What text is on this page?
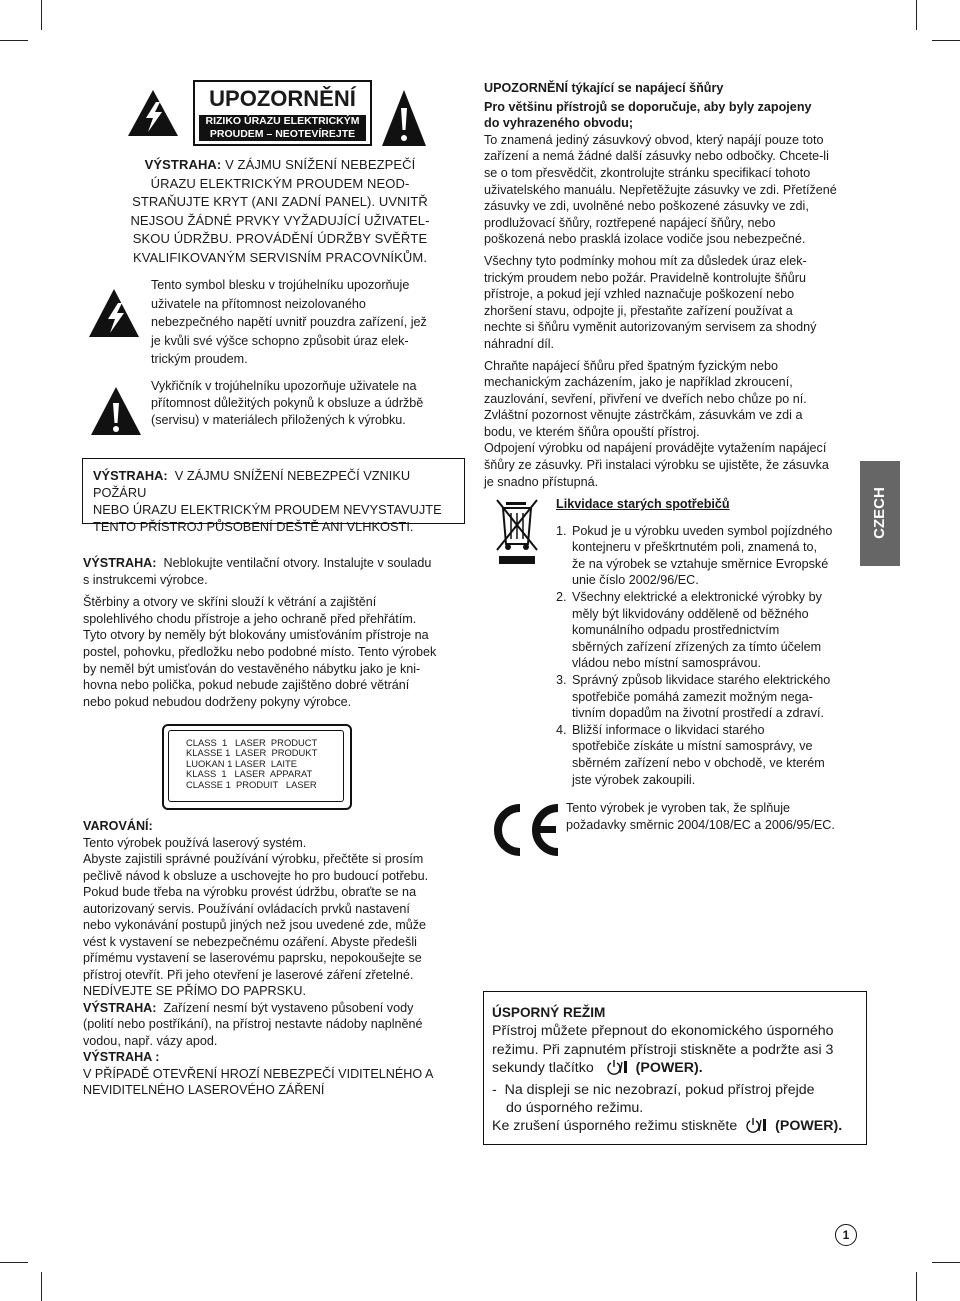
UPOZORNĚNÍ
RIZIKO ÚRAZU ELEKTRICKÝM
PROUDEM – NEOTEVÍREJTE
VÝSTRAHA: V ZÁJMU SNÍŽENÍ NEBEZPEČÍ
ÚRAZU ELEKTRICKÝM PROUDEM NEOD-
STRAŇUJTE KRYT (ANI ZADNÍ PANEL). UVNITŘ
NEJSOU ŽÁDNÉ PRVKY VYŽADUJÍCÍ UŽIVATEL-
SKOU ÚDRŽBU. PROVÁDĚNÍ ÚDRŽBY SVĚŘTE
KVALIFIKOVANÝM SERVISNÍM PRACOVNÍKŮM.
Tento symbol blesku v trojúhelníku upozorňuje
uživatele na přítomnost neizolovaného
nebezpečného napětí uvnitř pouzdra zařízení, jež
je kvůli své výšce schopno způsobit úraz elek-
trickým proudem.
Vykřičník v trojúhelníku upozorňuje uživatele na
přítomnost důležitých pokynů k obsluze a údržbě
(servisu) v materiálech přiložených k výrobku.
VÝSTRAHA: V ZÁJMU SNÍŽENÍ NEBEZPEČÍ VZNIKU POŽÁRU
NEBO ÚRAZU ELEKTRICKÝM PROUDEM NEVYSTAVUJTE
TENTO PŘÍSTROJ PŮSOBENÍ DEŠTĚ ANI VLHKOSTI.
VÝSTRAHA: Neblokujte ventilační otvory. Instalujte v souladu
s instrukcemi výrobce.
Štěrbiny a otvory ve skříni slouží k větrání a zajištění
spolehlivého chodu přístroje a jeho ochraně před přehřátím.
Tyto otvory by neměly být blokovány umisťováním přístroje na
postel, pohovku, předložku nebo podobné místo. Tento výrobek
by neměl být umisťován do vestavěného nábytku jako je kni-
hovna nebo polička, pokud nebude zajištěno dobré větrání
nebo pokud nebudou dodrženy pokyny výrobce.
CLASS  1   LASER  PRODUCT
KLASSE 1  LASER  PRODUKT
LUOKAN 1 LASER  LAITE
KLASS  1   LASER  APPARAT
CLASSE 1  PRODUIT   LASER
VAROVÁNÍ:
Tento výrobek používá laserový systém.
Abyste zajistili správné používání výrobku, přečtěte si prosím
pečlivě návod k obsluze a uschovejte ho pro budoucí potřebu.
Pokud bude třeba na výrobku provést údržbu, obraťte se na
autorizovaný servis. Používání ovládacích prvků nastavení
nebo vykonávání postupů jiných než jsou uvedené zde, může
vést k vystavení se nebezpečnému ozáření. Abyste předešli
přímému vystavení se laserovému paprsku, nepokoušejte se
přístroj otevřít. Při jeho otevření je laserové záření zřetelné.
NEDÍVEJTE SE PŘÍMO DO PAPRSKU.
VÝSTRAHA: Zařízení nesmí být vystaveno působení vody
(polití nebo postříkání), na přístroj nestavte nádoby naplněné
vodou, např. vázy apod.
VÝSTRAHA :
V PŘÍPADĚ OTEVŘENÍ HROZÍ NEBEZPEČÍ VIDITELNÉHO A
NEVIDITELNÉHO LASEROVÉHO ZÁŘENÍ
UPOZORNĚNÍ týkající se napájecí šňůry
Pro většinu přístrojů se doporučuje, aby byly zapojeny
do vyhrazeného obvodu;
To znamená jediný zásuvkový obvod, který napájí pouze toto
zařízení a nemá žádné další zásuvky nebo odbočky. Chcete-li
se o tom přesvědčit, zkontrolujte stránku specifikací tohoto
uživatelského manuálu. Nepřetěžujte zásuvky ve zdi. Přetížené
zásuvky ve zdi, uvolněné nebo poškozené zásuvky ve zdi,
prodlužovací šňůry, roztřepené napájecí šňůry, nebo
poškozená nebo prasklá izolace vodiče jsou nebezpečné.
Všechny tyto podmínky mohou mít za důsledek úraz elek-
trickým proudem nebo požár. Pravidelně kontrolujte šňůru
přístroje, a pokud její vzhled naznačuje poškození nebo
zhoršení stavu, odpojte ji, přestaňte zařízení používat a
nechte si šňůru vyměnit autorizovaným servisem za shodný
náhradní díl.
Chraňte napájecí šňůru před špatným fyzickým nebo
mechanickým zacházením, jako je například zkroucení,
zauzlování, sevření, přivření ve dveřích nebo chůze po ní.
Zvláštní pozornost věnujte zástrčkám, zásuvkám ve zdi a
bodu, ve kterém šňůra opouští přístroj.
Odpojení výrobku od napájení provádějte vytažením napájecí
šňůry ze zásuvky. Při instalaci výrobku se ujistěte, že zásuvka
je snadno přístupná.
CZECH
Likvidace starých spotřebičů
1. Pokud je u výrobku uveden symbol pojízdného
kontejneru v přeškrtnutém poli, znamená to,
že na výrobek se vztahuje směrnice Evropské
unie číslo 2002/96/EC.
2. Všechny elektrické a elektronické výrobky by
měly být likvidovány odděleně od běžného
komunálního odpadu prostřednictvím
sběrných zařízení zřízených za tímto účelem
vládou nebo místní samosprávou.
3. Správný způsob likvidace starého elektrického
spotřebiče pomáhá zamezit možným nega-
tivním dopadům na životní prostředí a zdraví.
4. Bližší informace o likvidaci starého
spotřebiče získáte u místní samosprávy, ve
sběrném zařízení nebo v obchodě, ve kterém
jste výrobek zakoupili.
Tento výrobek je vyroben tak, že splňuje
požadavky směrnic 2004/108/EC a 2006/95/EC.
ÚSPORNÝ REŽIM
Přístroj můžete přepnout do ekonomického úsporného
režimu. Při zapnutém přístroji stiskněte a podržte asi 3
sekundy tlačítko	(POWER).
-  Na displeji se nic nezobrazí, pokud přístroj přejde
do úsporného režimu.
Ke zrušení úsporného režimu stiskněte	(POWER).
1
